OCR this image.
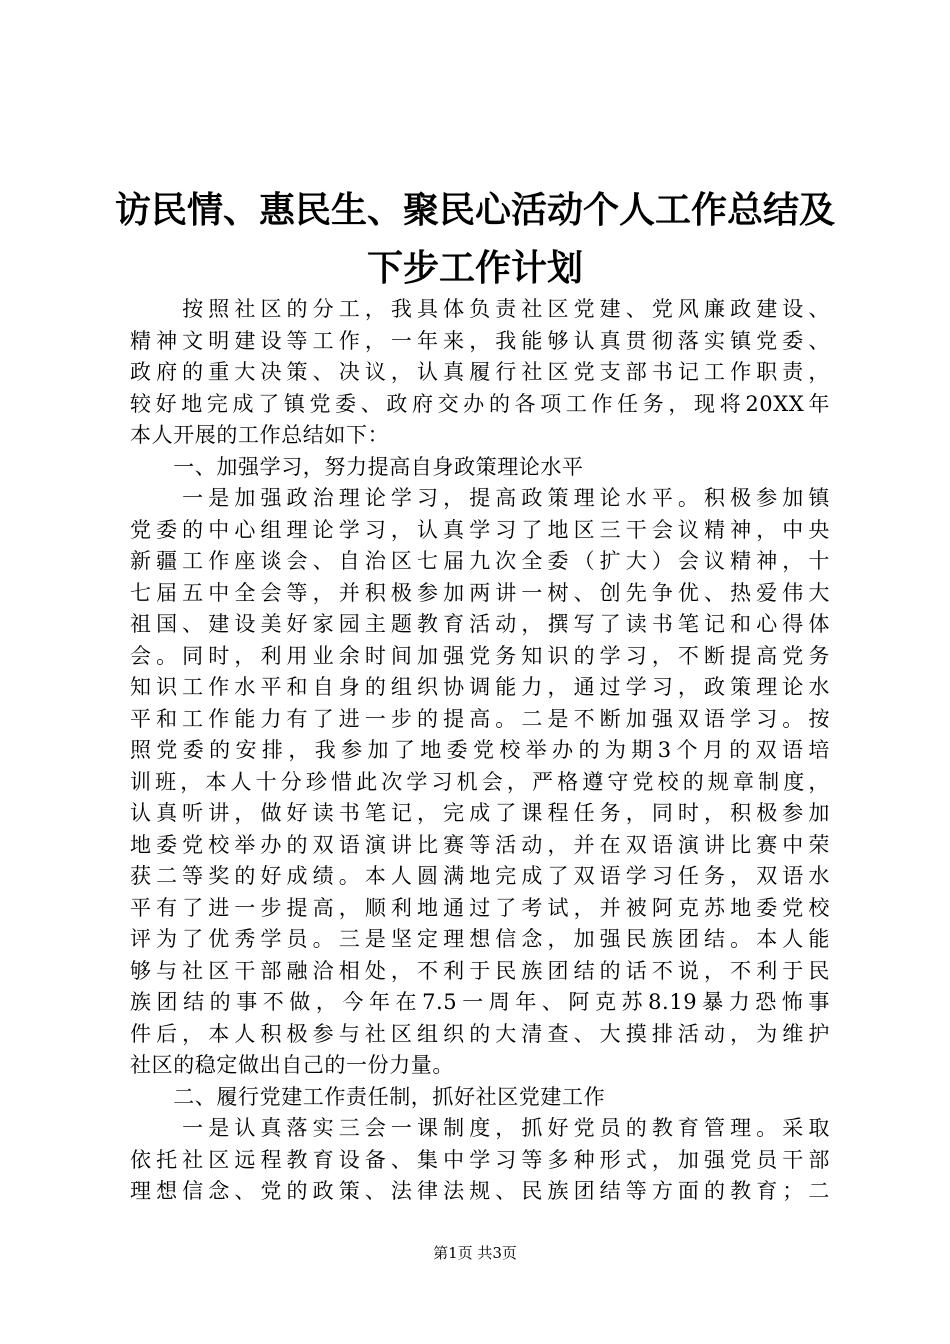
访民情、惠民生、聚民心活动个人工作总结及
下步工作计划
　　按照社区的分工，我具体负责社区党建、党风廉政建设、
精神文明建设等工作，一年来，我能够认真贯彻落实镇党委、
政府的重大决策、决议，认真履行社区党支部书记工作职责，
较好地完成了镇党委、政府交办的各项工作任务，现将20XX年
本人开展的工作总结如下：
　　一、加强学习，努力提高自身政策理论水平
　　一是加强政治理论学习，提高政策理论水平。积极参加镇
党委的中心组理论学习，认真学习了地区三干会议精神，中央
新疆工作座谈会、自治区七届九次全委（扩大）会议精神，十
七届五中全会等，并积极参加两讲一树、创先争优、热爱伟大
祖国、建设美好家园主题教育活动，撰写了读书笔记和心得体
会。同时，利用业余时间加强党务知识的学习，不断提高党务
知识工作水平和自身的组织协调能力，通过学习，政策理论水
平和工作能力有了进一步的提高。二是不断加强双语学习。按
照党委的安排，我参加了地委党校举办的为期3个月的双语培
训班，本人十分珍惜此次学习机会，严格遵守党校的规章制度，
认真听讲，做好读书笔记，完成了课程任务，同时，积极参加
地委党校举办的双语演讲比赛等活动，并在双语演讲比赛中荣
获二等奖的好成绩。本人圆满地完成了双语学习任务，双语水
平有了进一步提高，顺利地通过了考试，并被阿克苏地委党校
评为了优秀学员。三是坚定理想信念，加强民族团结。本人能
够与社区干部融洽相处，不利于民族团结的话不说，不利于民
族团结的事不做，今年在7.5一周年、阿克苏8.19暴力恐怖事
件后，本人积极参与社区组织的大清查、大摸排活动，为维护
社区的稳定做出自己的一份力量。
　　二、履行党建工作责任制，抓好社区党建工作
　　一是认真落实三会一课制度，抓好党员的教育管理。采取
依托社区远程教育设备、集中学习等多种形式，加强党员干部
理想信念、党的政策、法律法规、民族团结等方面的教育；二
第1页 共3页
